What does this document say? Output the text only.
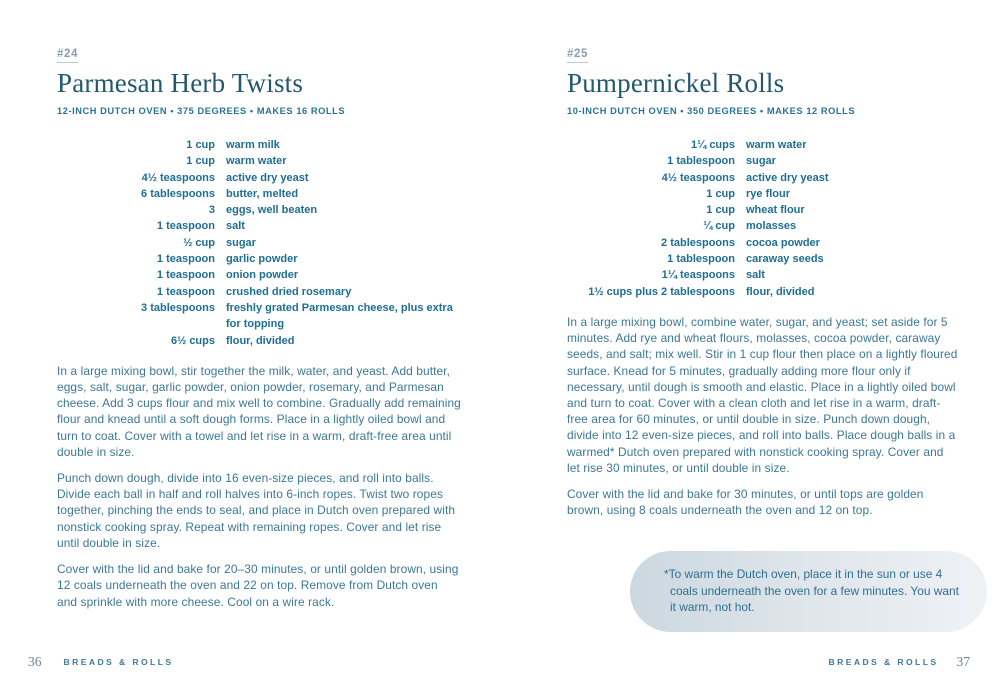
#24
Parmesan Herb Twists
12-INCH DUTCH OVEN • 375 DEGREES • MAKES 16 ROLLS
1 cup	warm milk
1 cup	warm water
4½ teaspoons	active dry yeast
6 tablespoons	butter, melted
3	eggs, well beaten
1 teaspoon	salt
½ cup	sugar
1 teaspoon	garlic powder
1 teaspoon	onion powder
1 teaspoon	crushed dried rosemary
3 tablespoons	freshly grated Parmesan cheese, plus extra for topping
6½ cups	flour, divided

In a large mixing bowl, stir together the milk, water, and yeast. Add butter, eggs, salt, sugar, garlic powder, onion powder, rosemary, and Parmesan cheese. Add 3 cups flour and mix well to combine. Gradually add remaining flour and knead until a soft dough forms. Place in a lightly oiled bowl and turn to coat. Cover with a towel and let rise in a warm, draft-free area until double in size.

Punch down dough, divide into 16 even-size pieces, and roll into balls. Divide each ball in half and roll halves into 6-inch ropes. Twist two ropes together, pinching the ends to seal, and place in Dutch oven prepared with nonstick cooking spray. Repeat with remaining ropes. Cover and let rise until double in size.

Cover with the lid and bake for 20–30 minutes, or until golden brown, using 12 coals underneath the oven and 22 on top. Remove from Dutch oven and sprinkle with more cheese. Cool on a wire rack.

#25
Pumpernickel Rolls
10-INCH DUTCH OVEN • 350 DEGREES • MAKES 12 ROLLS
1¼ cups	warm water
1 tablespoon	sugar
4½ teaspoons	active dry yeast
1 cup	rye flour
1 cup	wheat flour
¼ cup	molasses
2 tablespoons	cocoa powder
1 tablespoon	caraway seeds
1¼ teaspoons	salt
1½ cups plus 2 tablespoons	flour, divided

In a large mixing bowl, combine water, sugar, and yeast; set aside for 5 minutes. Add rye and wheat flours, molasses, cocoa powder, caraway seeds, and salt; mix well. Stir in 1 cup flour then place on a lightly floured surface. Knead for 5 minutes, gradually adding more flour only if necessary, until dough is smooth and elastic. Place in a lightly oiled bowl and turn to coat. Cover with a clean cloth and let rise in a warm, draft-free area for 60 minutes, or until double in size. Punch down dough, divide into 12 even-size pieces, and roll into balls. Place dough balls in a warmed* Dutch oven prepared with nonstick cooking spray. Cover and let rise 30 minutes, or until double in size.

Cover with the lid and bake for 30 minutes, or until tops are golden brown, using 8 coals underneath the oven and 12 on top.

*To warm the Dutch oven, place it in the sun or use 4 coals underneath the oven for a few minutes. You want it warm, not hot.

36	BREADS & ROLLS	BREADS & ROLLS 37
